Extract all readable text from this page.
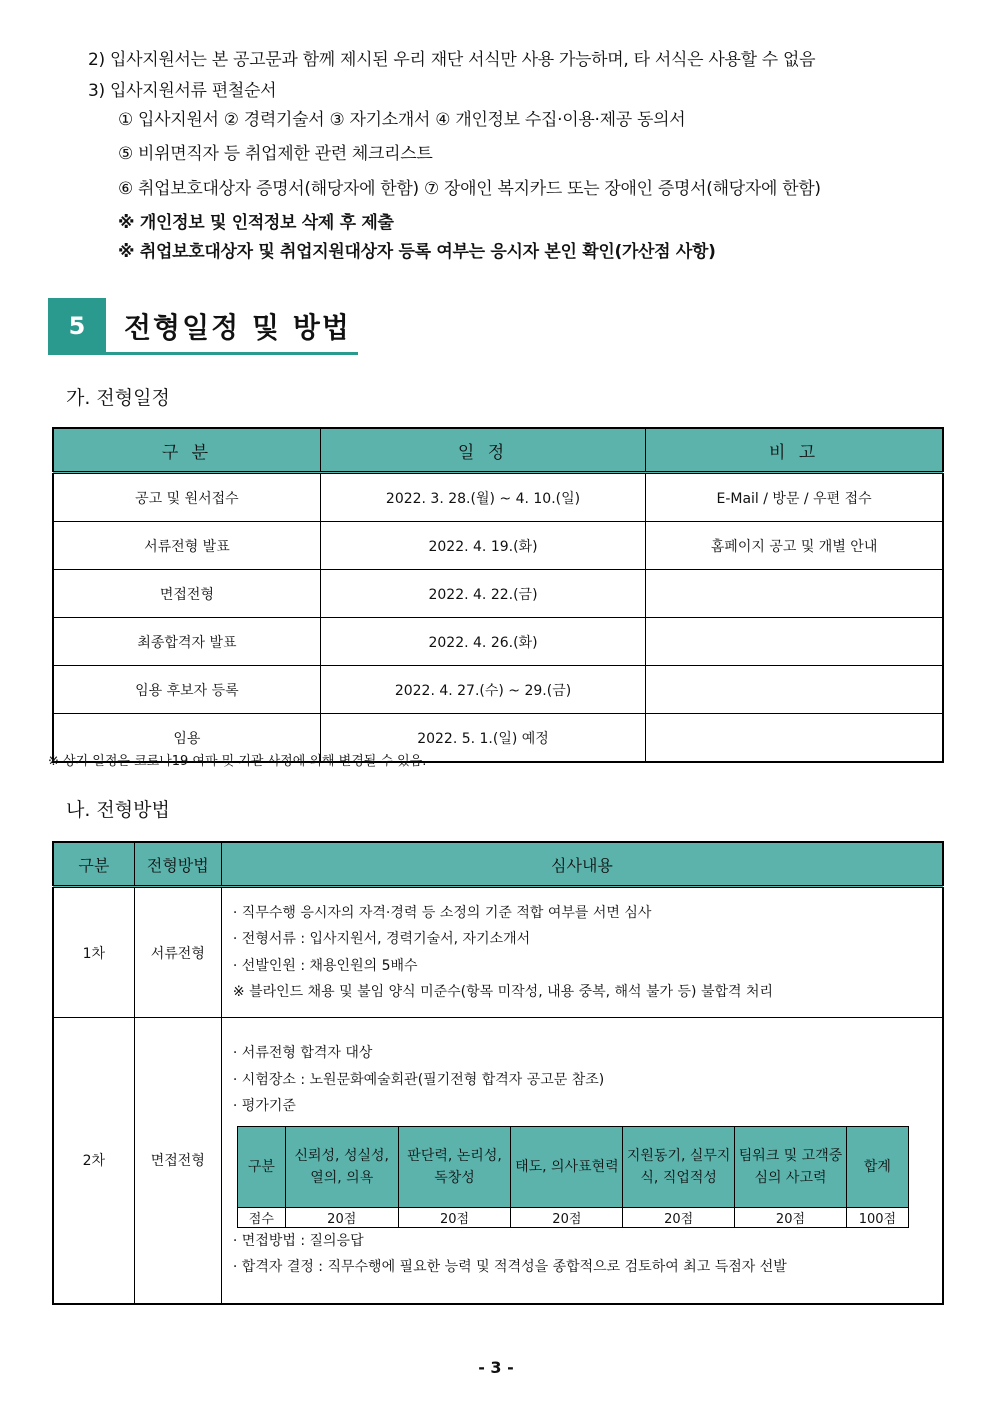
2) 입사지원서는 본 공고문과 함께 제시된 우리 재단 서식만 사용 가능하며, 타 서식은 사용할 수 없음
3) 입사지원서류 편철순서
① 입사지원서 ② 경력기술서 ③ 자기소개서 ④ 개인정보 수집·이용·제공 동의서
⑤ 비위면직자 등 취업제한 관련 체크리스트
⑥ 취업보호대상자 증명서(해당자에 한함) ⑦ 장애인 복지카드 또는 장애인 증명서(해당자에 한함)
※ 개인정보 및 인적정보 삭제 후 제출
※ 취업보호대상자 및 취업지원대상자 등록 여부는 응시자 본인 확인(가산점 사항)
5	전형일정 및 방법
가. 전형일정
구 분	일 정	비 고
공고 및 원서접수	2022. 3. 28.(월) ~ 4. 10.(일)	E-Mail / 방문 / 우편 접수
서류전형 발표	2022. 4. 19.(화)	홈페이지 공고 및 개별 안내
면접전형	2022. 4. 22.(금)	
최종합격자 발표	2022. 4. 26.(화)	
임용 후보자 등록	2022. 4. 27.(수) ~ 29.(금)	
임용	2022. 5. 1.(일) 예정	
※ 상기 일정은 코로나19 여파 및 기관 사정에 의해 변경될 수 있음.
나. 전형방법
구분	전형방법	심사내용
1차	서류전형	
· 직무수행 응시자의 자격·경력 등 소정의 기준 적합 여부를 서면 심사
· 전형서류 : 입사지원서, 경력기술서, 자기소개서
· 선발인원 : 채용인원의 5배수
※ 블라인드 채용 및 불임 양식 미준수(항목 미작성, 내용 중복, 해석 불가 등) 불합격 처리

2차	면접전형	
· 서류전형 합격자 대상
· 시험장소 : 노원문화예술회관(필기전형 합격자 공고문 참조)
· 평가기준
구분	신뢰성, 성실성, 열의, 의욕	판단력, 논리성, 독창성	태도, 의사표현력	지원동기, 실무지식, 직업적성	팀워크 및 고객중심의 사고력	합계
점수	20점	20점	20점	20점	20점	100점
· 면접방법 : 질의응답
· 합격자 결정 : 직무수행에 필요한 능력 및 적격성을 종합적으로 검토하여 최고 득점자 선발
- 3 -
